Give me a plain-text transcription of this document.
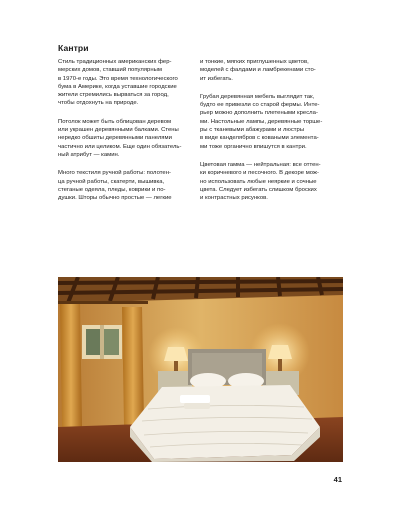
Кантри

Стиль традиционных американских фер-
мерских домов, ставший популярным
в 1970-е годы. Это время технологического
бума в Америке, когда уставшие городские
жители стремились вырваться за город,
чтобы отдохнуть на природе.

Потолок может быть облицован деревом
или украшен деревянными балками. Стены
нередко обшиты деревянными панелями
частично или целиком. Еще один обязатель-
ный атрибут — камин.

Много текстиля ручной работы: полотен-
ца ручной работы, скатерти, вышивка,
стеганые одеяла, пледы, коврики и по-
душки. Шторы обычно простые — легкие

и тонкие, мягких приглушенных цветов,
моделей с фалдами и ламбрекенами сто-
ит избегать.

Грубая деревянная мебель выглядит так,
будто ее привезли со старой фермы. Инте-
рьер можно дополнить плетеными кресла-
ми. Настольные лампы, деревянные торше-
ры с тканевыми абажурами и люстры
в виде канделябров с коваными элемента-
ми тоже органично впишутся в кантри.

Цветовая гамма — нейтральная: все оттен-
ки коричневого и песочного. В декоре мож-
но использовать любые неяркие и сочные
цвета. Следует избегать слишком броских
и контрастных рисунков.

41
